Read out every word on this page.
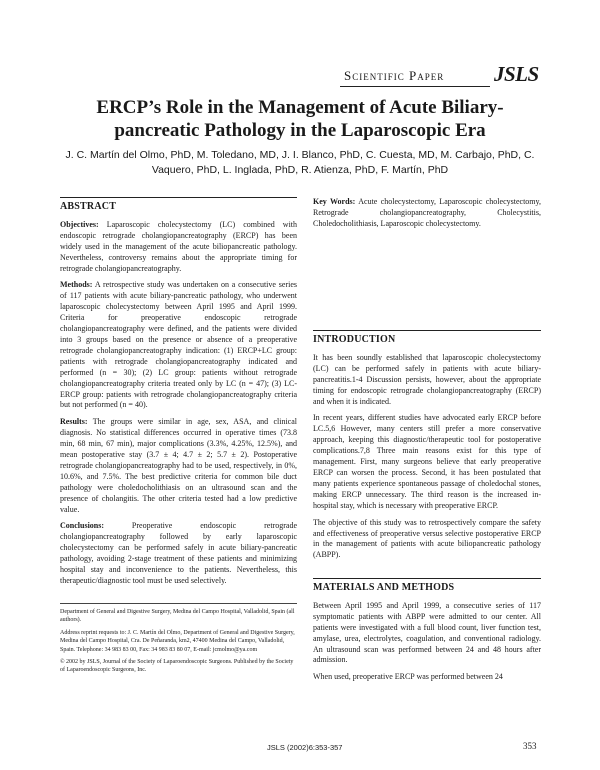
Scientific Paper JSLS
ERCP’s Role in the Management of Acute Biliary-pancreatic Pathology in the Laparoscopic Era
J. C. Martín del Olmo, PhD, M. Toledano, MD, J. I. Blanco, PhD, C. Cuesta, MD, M. Carbajo, PhD, C. Vaquero, PhD, L. Inglada, PhD, R. Atienza, PhD, F. Martín, PhD
ABSTRACT

Objectives: Laparoscopic cholecystectomy (LC) combined with endoscopic retrograde cholangiopancreatography (ERCP) has been widely used in the management of the acute biliopancreatic pathology. Nevertheless, controversy remains about the appropriate timing for retrograde cholangiopancreatography.

Methods: A retrospective study was undertaken on a consecutive series of 117 patients with acute biliary-pancreatic pathology, who underwent laparoscopic cholecystectomy between April 1995 and April 1999. Criteria for preoperative endoscopic retrograde cholangiopancreatography were defined, and the patients were divided into 3 groups based on the presence or absence of a preoperative retrograde cholangiopancreatography indication: (1) ERCP+LC group: patients with retrograde cholangiopancreatography indicated and performed (n = 30); (2) LC group: patients without retrograde cholangiopancreatography criteria treated only by LC (n = 47); (3) LC-ERCP group: patients with retrograde cholangiopancreatography criteria but not performed (n = 40).

Results: The groups were similar in age, sex, ASA, and clinical diagnosis. No statistical differences occurred in operative times (73.8 min, 68 min, 67 min), major complications (3.3%, 4.25%, 12.5%), and mean postoperative stay (3.7 ± 4; 4.7 ± 2; 5.7 ± 2). Postoperative retrograde cholangiopancreatography had to be used, respectively, in 0%, 10.6%, and 7.5%. The best predictive criteria for common bile duct pathology were choledocholithiasis on an ultrasound scan and the presence of cholangitis. The other criteria tested had a low predictive value.

Conclusions:	Preoperative endoscopic retrograde cholangiopancreatography followed by early laparoscopic cholecystectomy can be performed safely in acute biliary-pancreatic pathology, avoiding 2-stage treatment of these patients and minimizing hospital stay and inconvenience to the patients. Nevertheless, this therapeutic/diagnostic tool must be used selectively.

Department of General and Digestive Surgery, Medina del Campo Hospital, Valladolid, Spain (all authors).

Address reprint requests to: J. C. Martín del Olmo, Department of General and Digestive Surgery, Medina del Campo Hospital, Cra. De Peñaranda, km2, 47400 Medina del Campo, Valladolid, Spain. Telephone: 34 983 83 00, Fax: 34 983 83 80 07, E-mail: jcmolmo@ya.com

© 2002 by JSLS, Journal of the Society of Laparoendoscopic Surgeons. Published by the Society of Laparoendoscopic Surgeons, Inc.

Key Words: Acute cholecystectomy, Laparoscopic cholecystectomy, Retrograde cholangiopancreatography, Cholecystitis, Choledocholithiasis, Laparoscopic cholecystectomy.

INTRODUCTION

It has been soundly established that laparoscopic cholecystectomy (LC) can be performed safely in patients with acute biliary-pancreatitis.1-4 Discussion persists, however, about the appropriate timing for endoscopic retrograde cholangiopancreatography (ERCP) and when it is indicated.

In recent years, different studies have advocated early ERCP before LC.5,6 However, many centers still prefer a more conservative approach, keeping this diagnostic/therapeutic tool for postoperative complications.7,8 Three main reasons exist for this type of management. First, many surgeons believe that early preoperative ERCP can worsen the process. Second, it has been postulated that many patients experience spontaneous passage of choledochal stones, making ERCP unnecessary. The third reason is the increased in-hospital stay, which is necessary with preoperative ERCP.

The objective of this study was to retrospectively compare the safety and effectiveness of preoperative versus selective postoperative ERCP in the management of patients with acute biliopancreatic pathology (ABPP).

MATERIALS AND METHODS

Between April 1995 and April 1999, a consecutive series of 117 symptomatic patients with ABPP were admitted to our center. All patients were investigated with a full blood count, liver function test, amylase, urea, electrolytes, coagulation, and conventional radiology. An ultrasound scan was performed between 24 and 48 hours after admission.

When used, preoperative ERCP was performed between 24

JSLS (2002)6:353-357	353
